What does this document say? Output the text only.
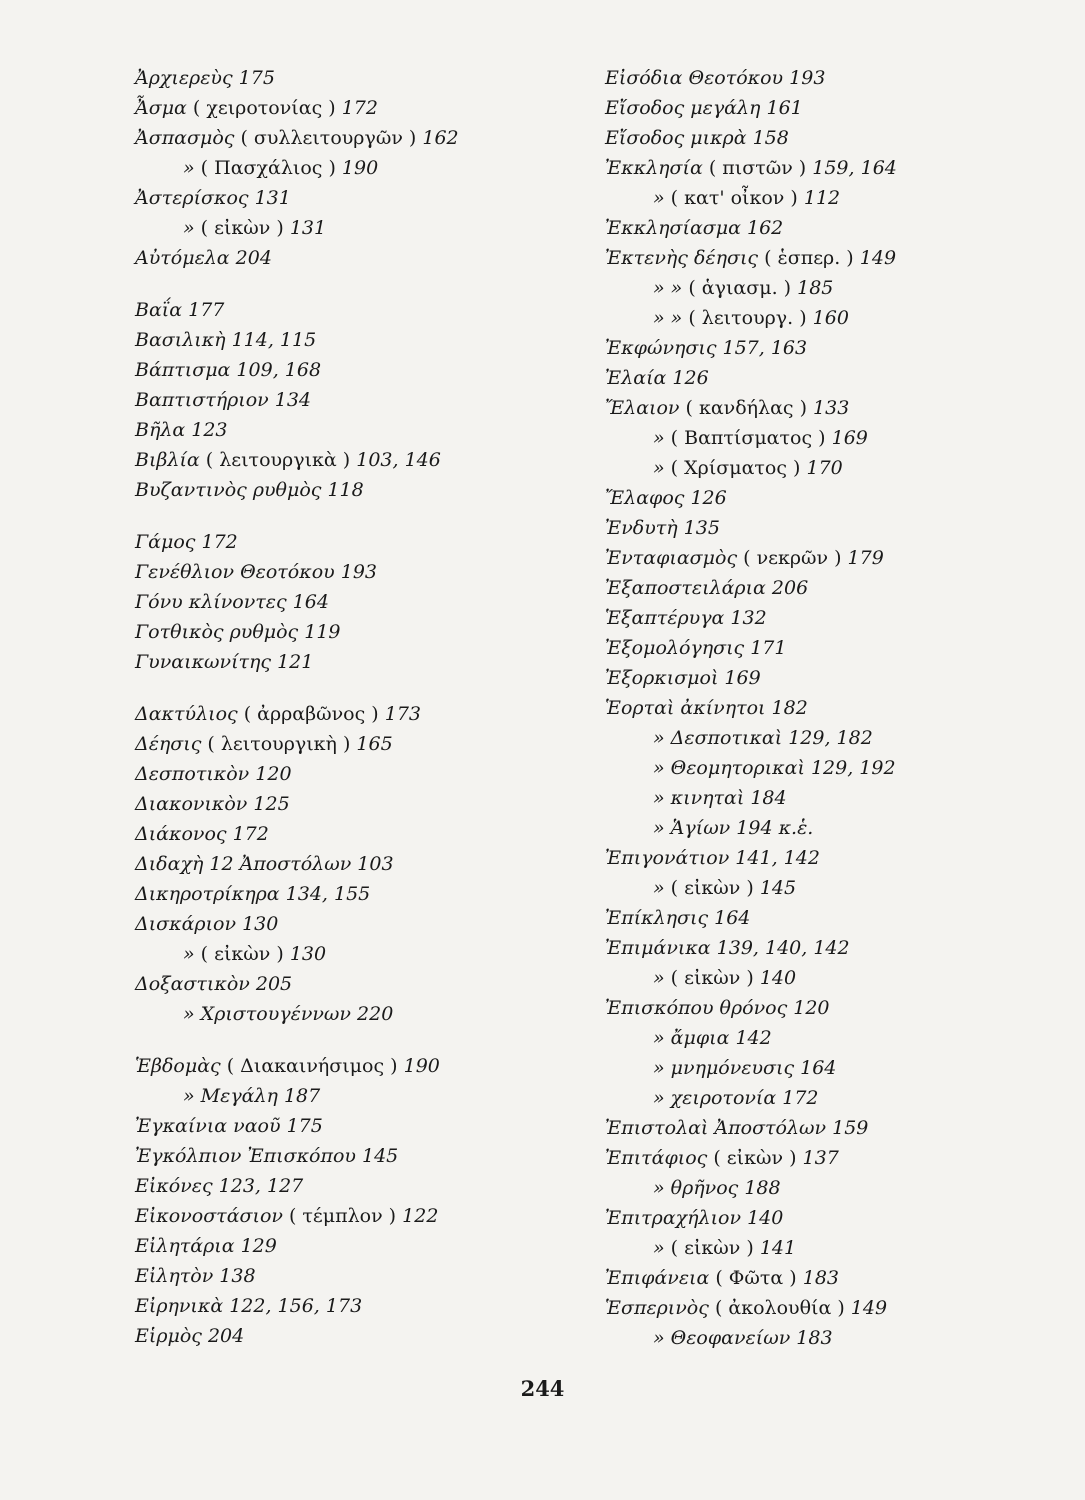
Ἀρχιερεὺς 175
Ἆσμα ( χειροτονίας ) 172
Ἀσπασμὸς ( συλλειτουργῶν ) 162
» ( Πασχάλιος ) 190
Ἀστερίσκος 131
» ( εἰκὼν ) 131
Αὐτόμελα 204
Βαΐα 177
Βασιλικὴ 114, 115
Βάπτισμα 109, 168
Βαπτιστήριον 134
Βῆλα 123
Βιβλία ( λειτουργικὰ ) 103, 146
Βυζαντινὸς ρυθμὸς 118
Γάμος 172
Γενέθλιον Θεοτόκου 193
Γόνυ κλίνοντες 164
Γοτθικὸς ρυθμὸς 119
Γυναικωνίτης 121
Δακτύλιος ( ἀρραβῶνος ) 173
Δέησις ( λειτουργικὴ ) 165
Δεσποτικὸν 120
Διακονικὸν 125
Διάκονος 172
Διδαχὴ 12 Ἀποστόλων 103
Δικηροτρίκηρα 134, 155
Δισκάριον 130
» ( εἰκὼν ) 130
Δοξαστικὸν 205
» Χριστουγέννων 220
Ἑβδομὰς ( Διακαινήσιμος ) 190
» Μεγάλη 187
Ἐγκαίνια ναοῦ 175
Ἐγκόλπιον Ἐπισκόπου 145
Εἰκόνες 123, 127
Εἰκονοστάσιον ( τέμπλον ) 122
Εἰλητάρια 129
Εἰλητὸν 138
Εἰρηνικὰ 122, 156, 173
Εἱρμὸς 204
Εἰσόδια Θεοτόκου 193
Εἴσοδος μεγάλη 161
Εἴσοδος μικρὰ 158
Ἐκκλησία ( πιστῶν ) 159, 164
» ( κατ' οἶκον ) 112
Ἐκκλησίασμα 162
Ἐκτενὴς δέησις ( ἑσπερ. ) 149
» » ( ἁγιασμ. ) 185
» » ( λειτουργ. ) 160
Ἐκφώνησις 157, 163
Ἐλαία 126
Ἔλαιον ( κανδήλας ) 133
» ( Βαπτίσματος ) 169
» ( Χρίσματος ) 170
Ἔλαφος 126
Ἐνδυτὴ 135
Ἐνταφιασμὸς ( νεκρῶν ) 179
Ἐξαποστειλάρια 206
Ἑξαπτέρυγα 132
Ἐξομολόγησις 171
Ἐξορκισμοὶ 169
Ἑορταὶ ἀκίνητοι 182
» Δεσποτικαὶ 129, 182
» Θεομητορικαὶ 129, 192
» κινηταὶ 184
» Ἁγίων 194 κ.ἑ.
Ἐπιγονάτιον 141, 142
» ( εἰκὼν ) 145
Ἐπίκλησις 164
Ἐπιμάνικα 139, 140, 142
» ( εἰκὼν ) 140
Ἐπισκόπου θρόνος 120
» ἄμφια 142
» μνημόνευσις 164
» χειροτονία 172
Ἐπιστολαὶ Ἀποστόλων 159
Ἐπιτάφιος ( εἰκὼν ) 137
» θρῆνος 188
Ἐπιτραχήλιον 140
» ( εἰκὼν ) 141
Ἐπιφάνεια ( Φῶτα ) 183
Ἑσπερινὸς ( ἀκολουθία ) 149
» Θεοφανείων 183
244
